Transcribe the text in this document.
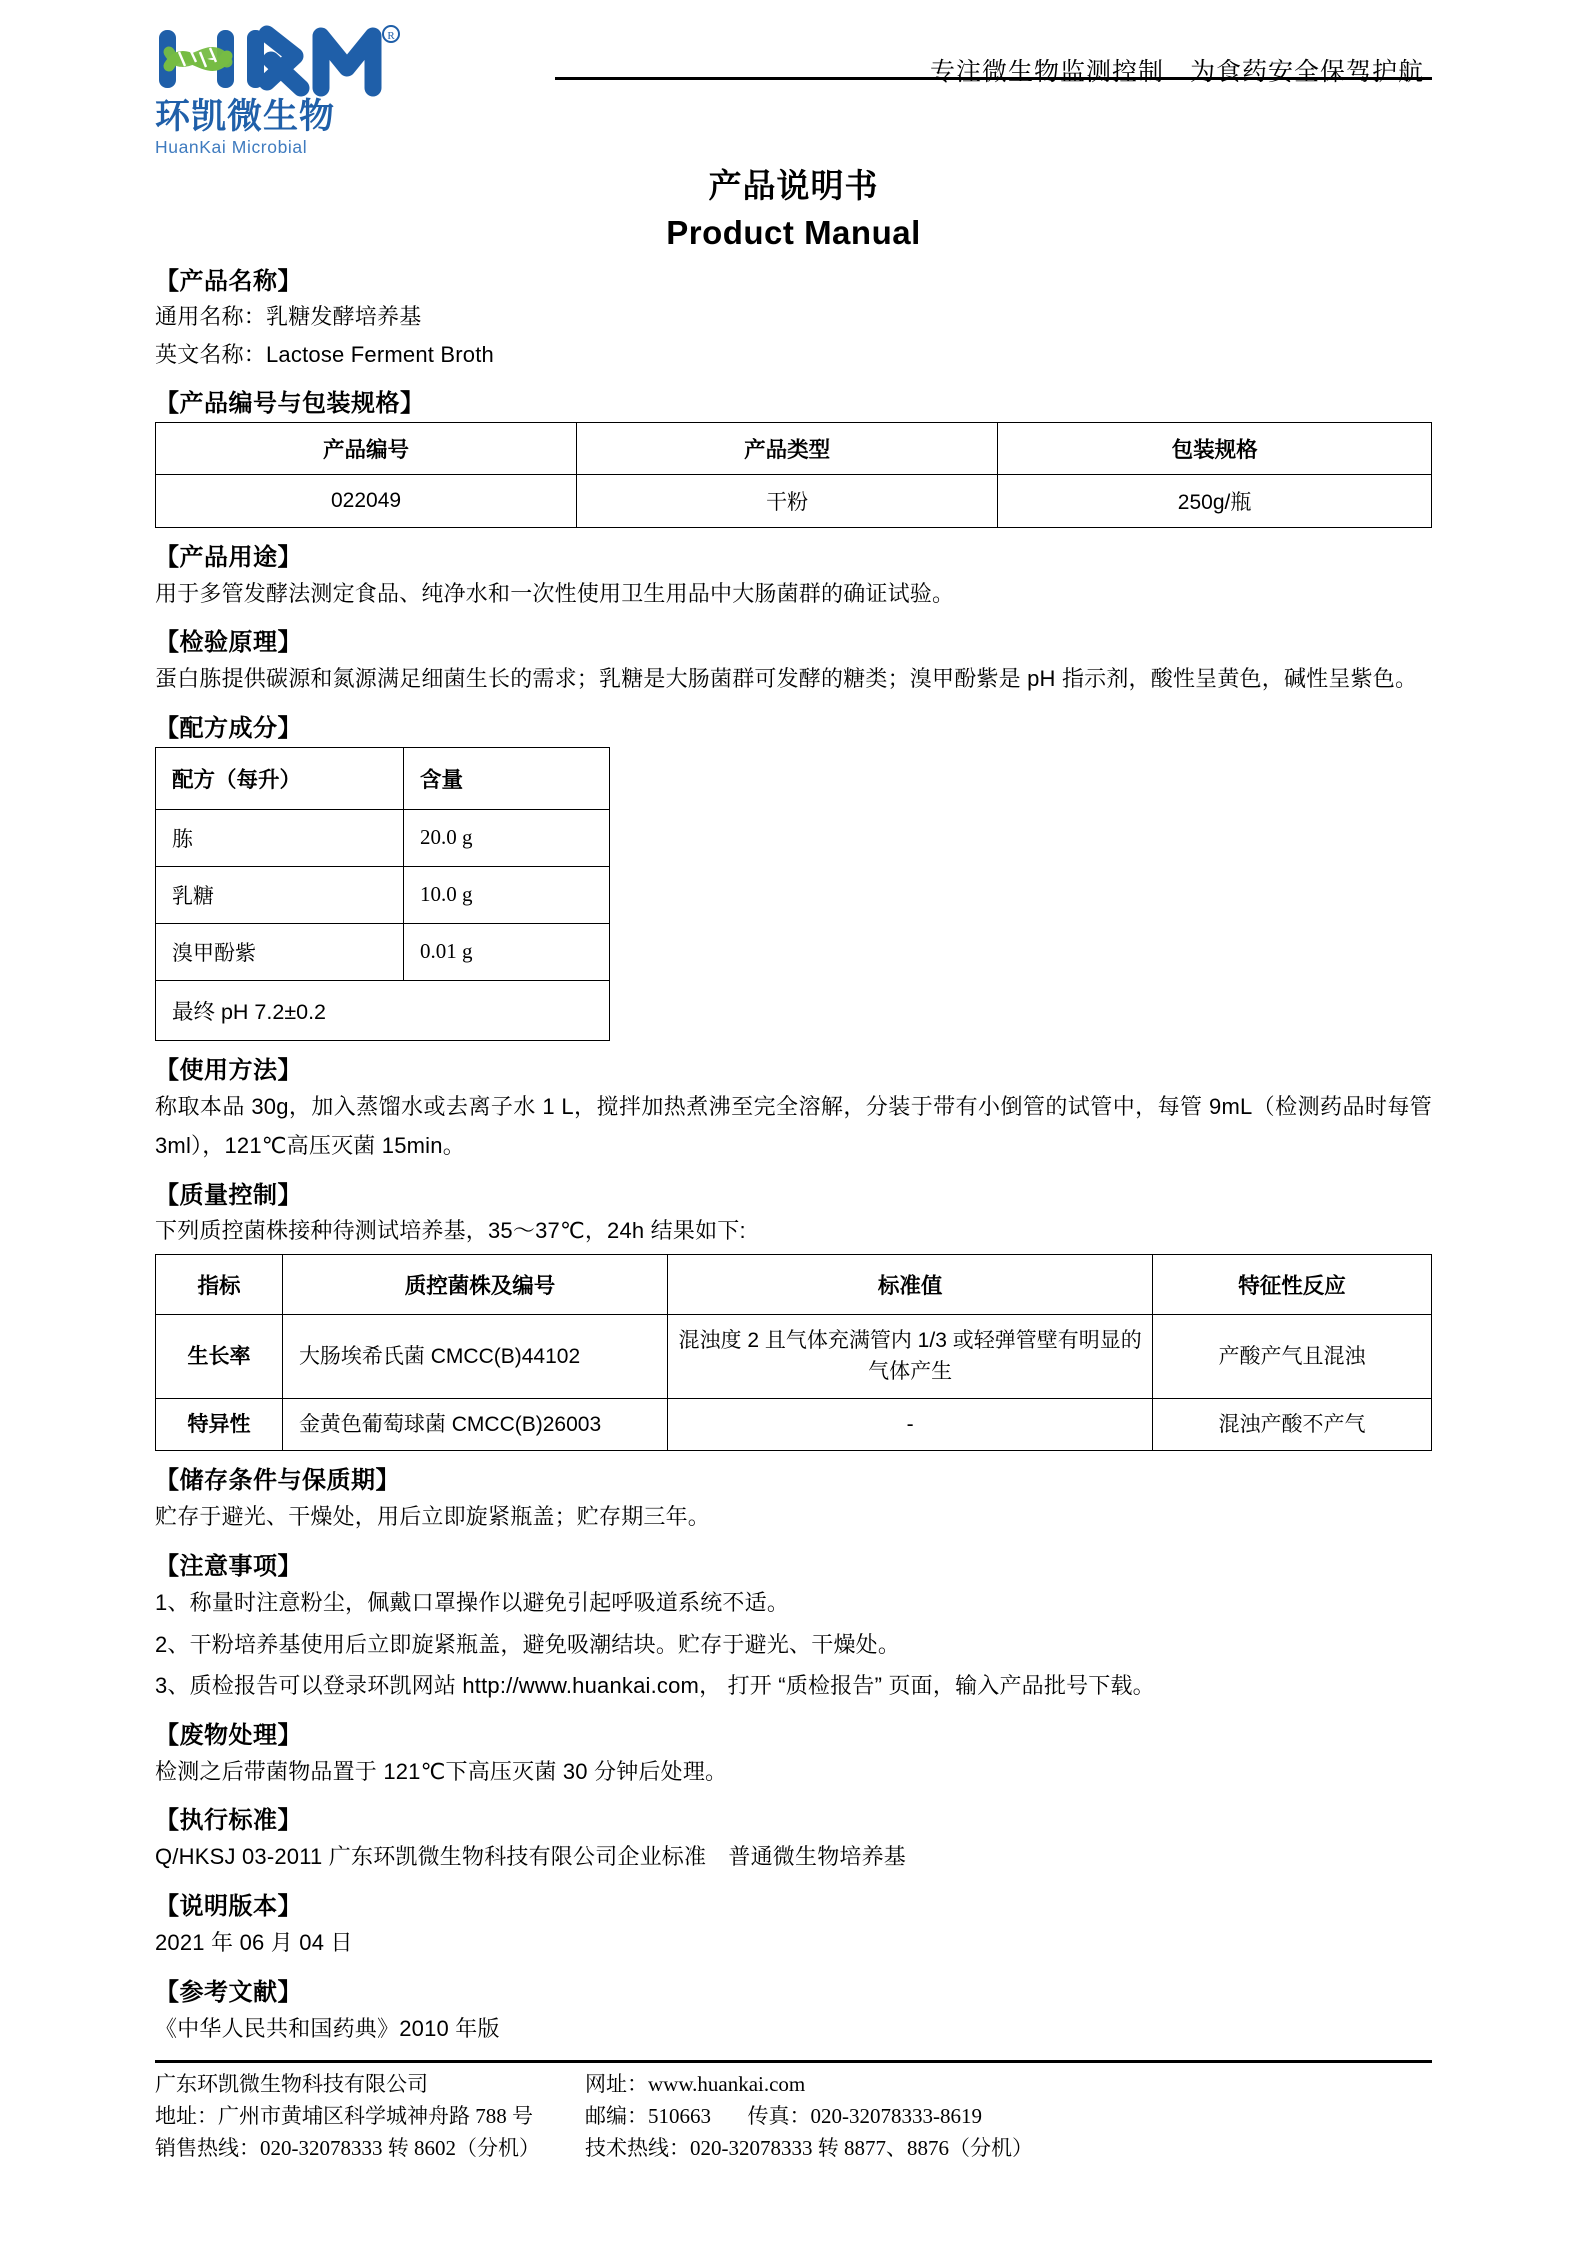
R
环凯微生物
HuanKai Microbial
专注微生物监测控制　为食药安全保驾护航
产品说明书
Product Manual
【产品名称】

通用名称：乳糖发酵培养基

英文名称：Lactose Ferment Broth

【产品编号与包装规格】
产品编号	产品类型	包装规格
022049	干粉	250g/瓶
【产品用途】

用于多管发酵法测定食品、纯净水和一次性使用卫生用品中大肠菌群的确证试验。

【检验原理】

蛋白胨提供碳源和氮源满足细菌生长的需求；乳糖是大肠菌群可发酵的糖类；溴甲酚紫是 pH 指示剂，酸性呈黄色，碱性呈紫色。

【配方成分】
配方（每升）	含量
胨	20.0 g
乳糖	10.0 g
溴甲酚紫	0.01 g
最终 pH 7.2±0.2	
【使用方法】

称取本品 30g，加入蒸馏水或去离子水 1 L，搅拌加热煮沸至完全溶解，分装于带有小倒管的试管中，每管 9mL（检测药品时每管 3ml），121℃高压灭菌 15min。

【质量控制】

下列质控菌株接种待测试培养基，35～37℃，24h 结果如下:

指标	质控菌株及编号	标准值	特征性反应
生长率	大肠埃希氏菌 CMCC(B)44102	混浊度 2 且气体充满管内 1/3 或轻弹管壁有明显的气体产生	产酸产气且混浊
特异性	金黄色葡萄球菌 CMCC(B)26003	-	混浊产酸不产气
【储存条件与保质期】

贮存于避光、干燥处，用后立即旋紧瓶盖；贮存期三年。

【注意事项】

1、称量时注意粉尘，佩戴口罩操作以避免引起呼吸道系统不适。

2、干粉培养基使用后立即旋紧瓶盖，避免吸潮结块。贮存于避光、干燥处。

3、质检报告可以登录环凯网站 http://www.huankai.com， 打开 “质检报告” 页面，输入产品批号下载。

【废物处理】

检测之后带菌物品置于 121℃下高压灭菌 30 分钟后处理。

【执行标准】

Q/HKSJ 03-2011 广东环凯微生物科技有限公司企业标准　普通微生物培养基

【说明版本】

2021 年 06 月 04 日

【参考文献】

《中华人民共和国药典》2010 年版

广东环凯微生物科技有限公司
地址：广州市黄埔区科学城神舟路 788 号
销售热线：020-32078333 转 8602（分机）
网址：www.huankai.com
邮编：510663 传真：020-32078333-8619
技术热线：020-32078333 转 8877、8876（分机）
